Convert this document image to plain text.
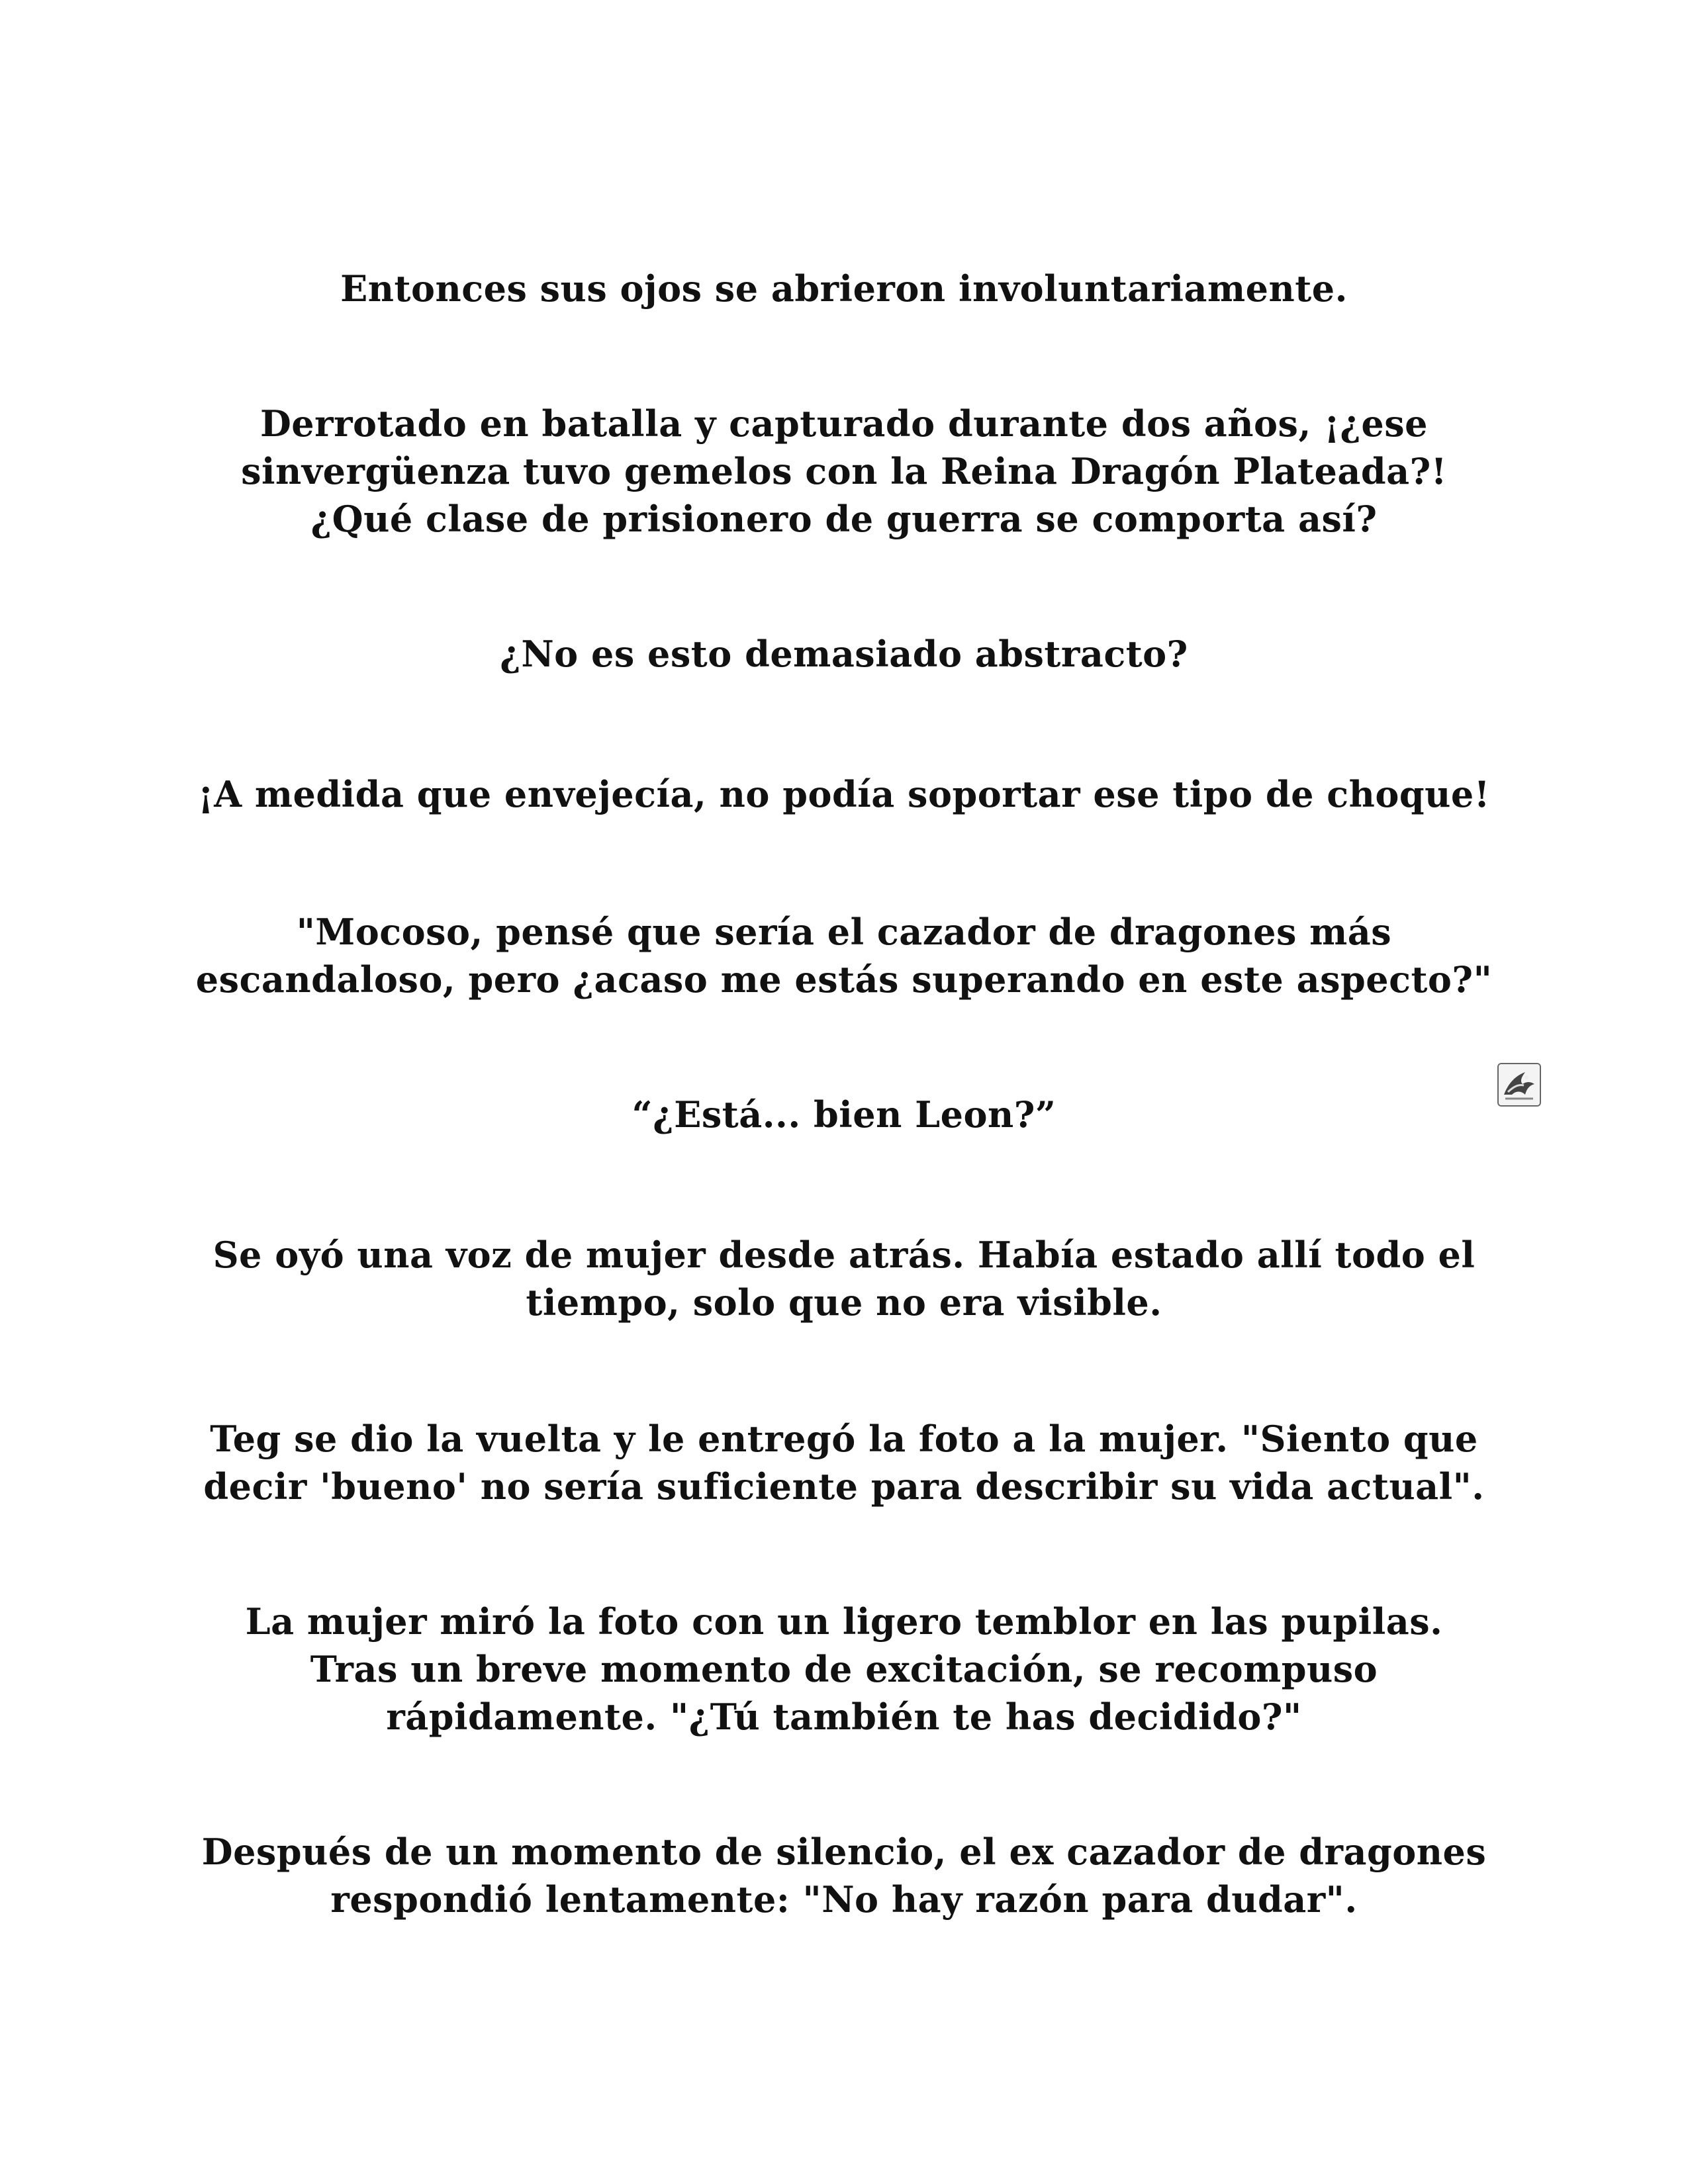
Entonces sus ojos se abrieron involuntariamente.

Derrotado en batalla y capturado durante dos años, ¡¿ese
sinvergüenza tuvo gemelos con la Reina Dragón Plateada?!
¿Qué clase de prisionero de guerra se comporta así?

¿No es esto demasiado abstracto?

¡A medida que envejecía, no podía soportar ese tipo de choque!

"Mocoso, pensé que sería el cazador de dragones más
escandaloso, pero ¿acaso me estás superando en este aspecto?"

“¿Está... bien Leon?”

Se oyó una voz de mujer desde atrás. Había estado allí todo el
tiempo, solo que no era visible.

Teg se dio la vuelta y le entregó la foto a la mujer. "Siento que
decir 'bueno' no sería suficiente para describir su vida actual".

La mujer miró la foto con un ligero temblor en las pupilas.
Tras un breve momento de excitación, se recompuso
rápidamente. "¿Tú también te has decidido?"

Después de un momento de silencio, el ex cazador de dragones
respondió lentamente: "No hay razón para dudar".
